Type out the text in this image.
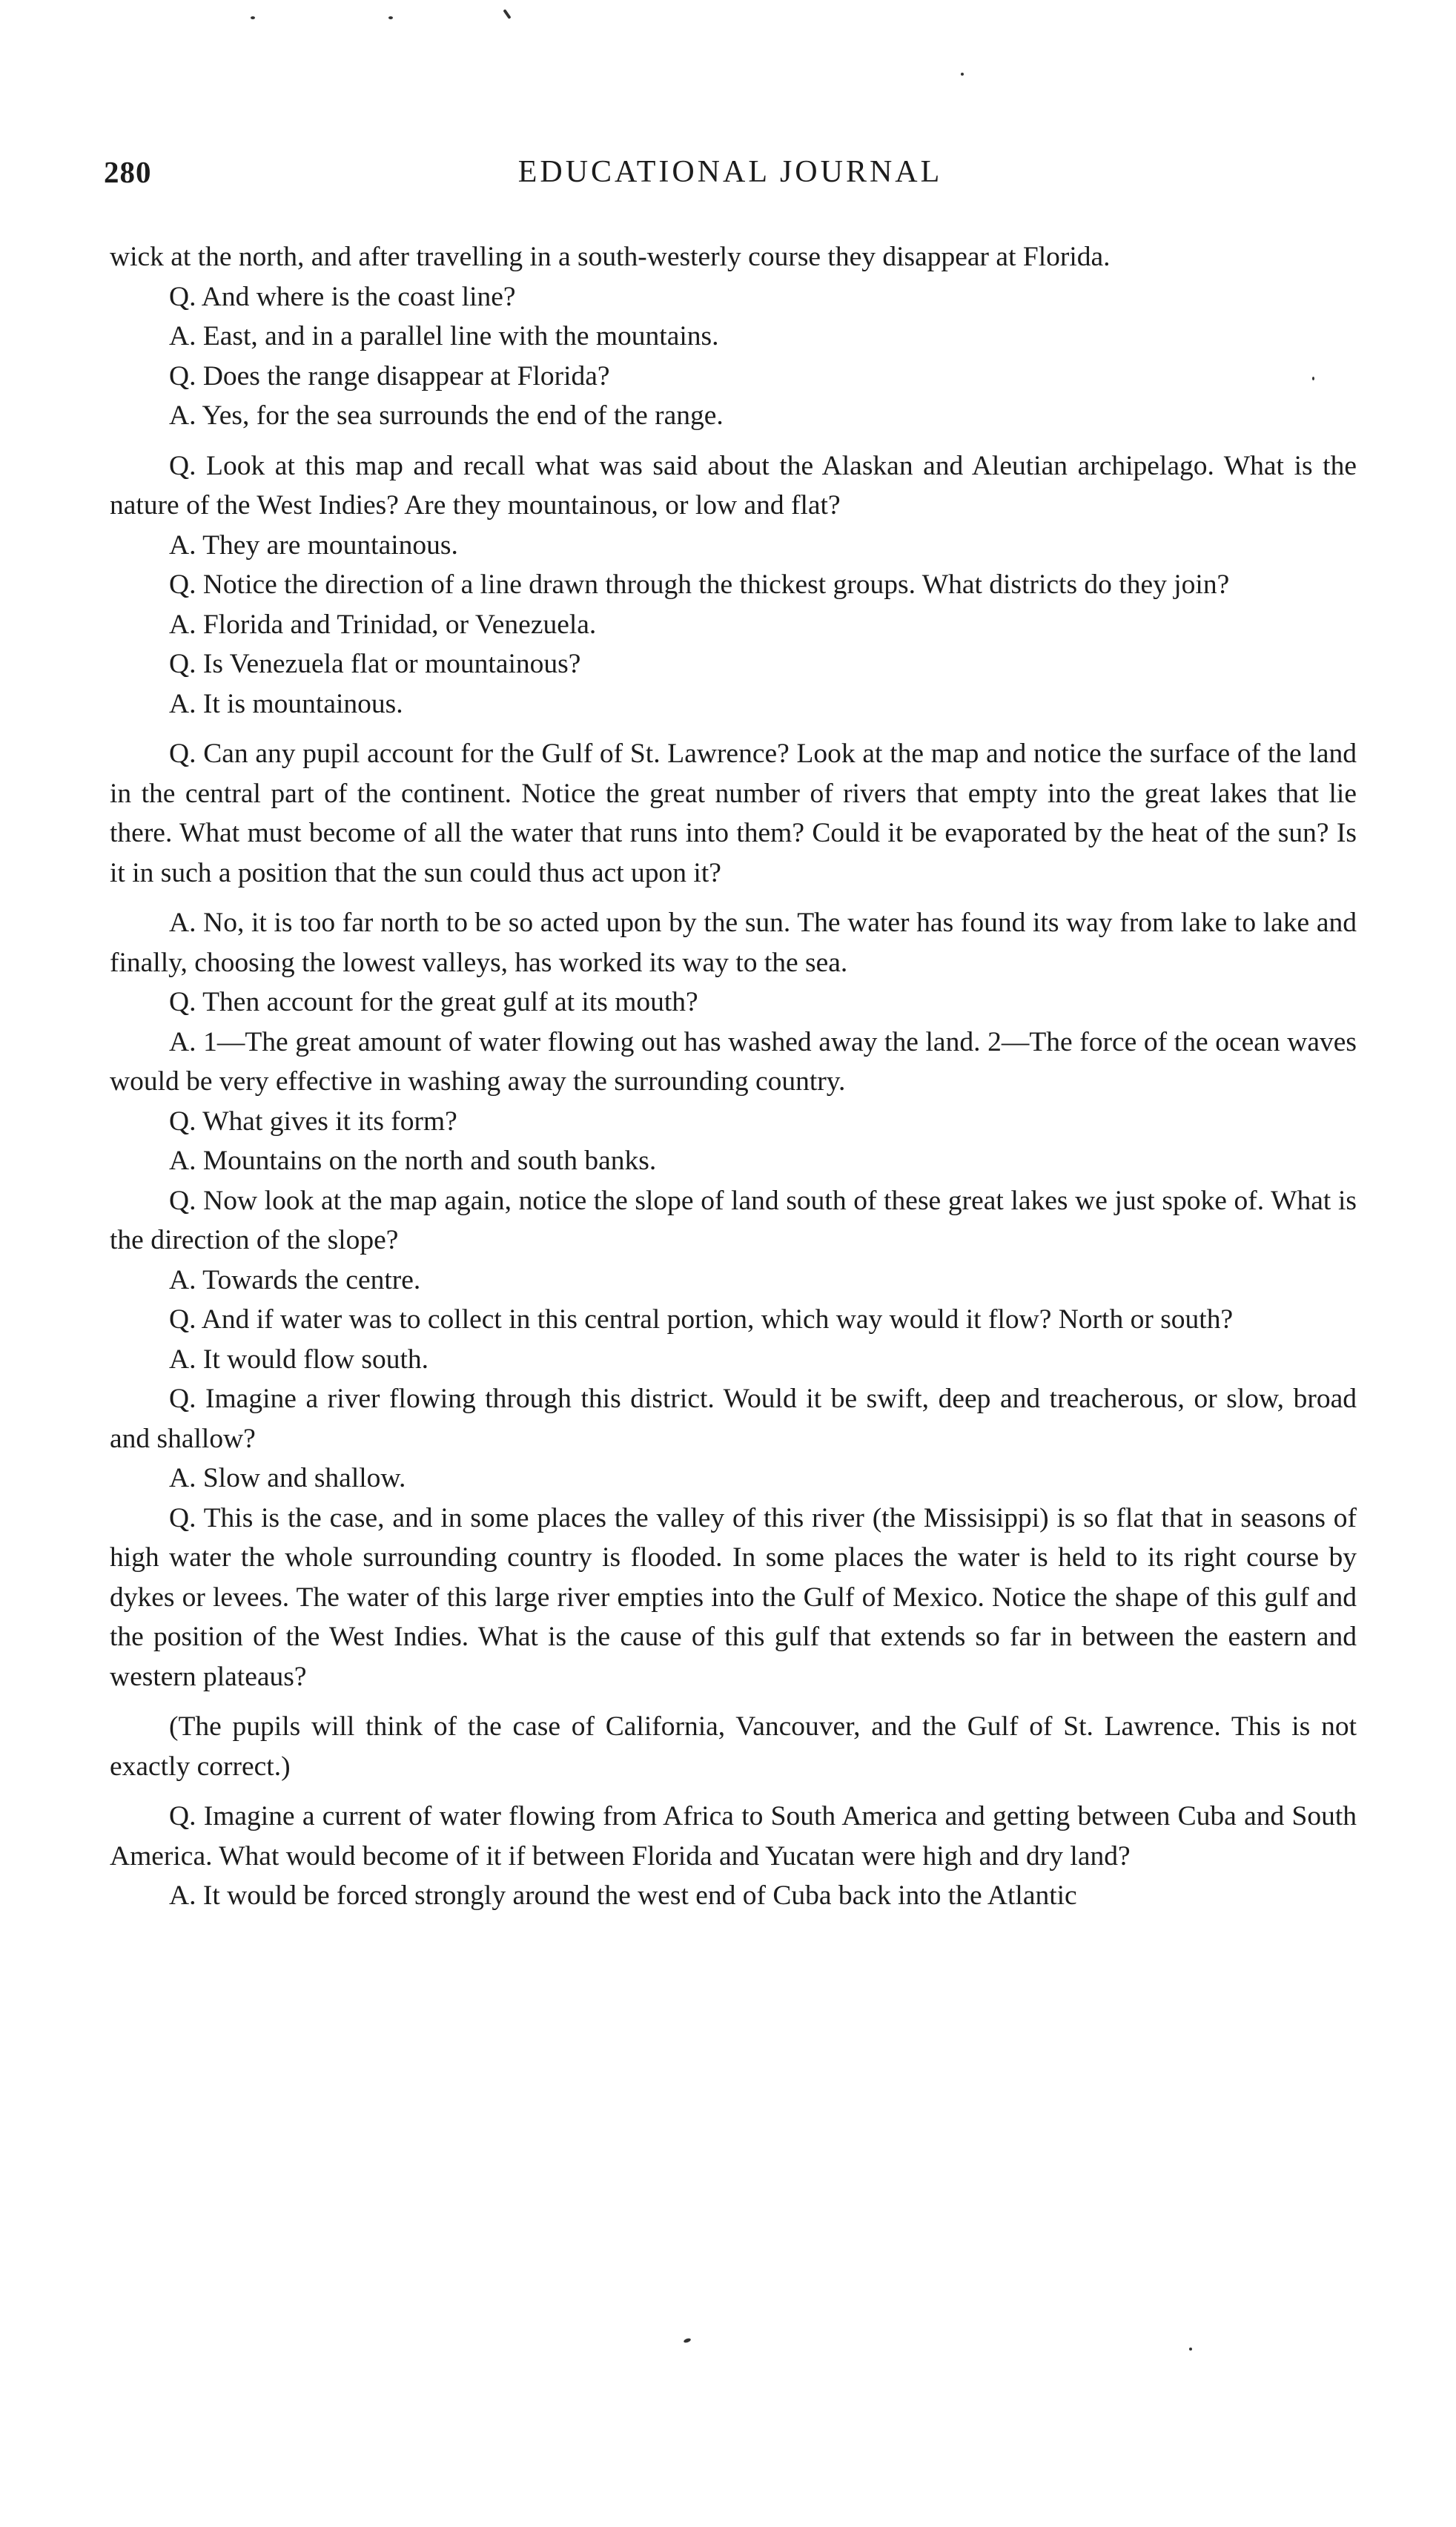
280	EDUCATIONAL JOURNAL

wick at the north, and after travelling in a south-westerly course they disappear at Florida.

Q. And where is the coast line?

A. East, and in a parallel line with the mountains.

Q. Does the range disappear at Florida?

A. Yes, for the sea surrounds the end of the range.

Q. Look at this map and recall what was said about the Alaskan and Aleutian archipelago. What is the nature of the West Indies? Are they mountainous, or low and flat?

A. They are mountainous.

Q. Notice the direction of a line drawn through the thickest groups. What districts do they join?

A. Florida and Trinidad, or Venezuela.

Q. Is Venezuela flat or mountainous?

A. It is mountainous.

Q. Can any pupil account for the Gulf of St. Lawrence? Look at the map and notice the surface of the land in the central part of the continent. Notice the great number of rivers that empty into the great lakes that lie there. What must become of all the water that runs into them? Could it be evaporated by the heat of the sun? Is it in such a position that the sun could thus act upon it?

A. No, it is too far north to be so acted upon by the sun. The water has found its way from lake to lake and finally, choosing the lowest valleys, has worked its way to the sea.

Q. Then account for the great gulf at its mouth?

A. 1—The great amount of water flowing out has washed away the land. 2—The force of the ocean waves would be very effective in washing away the surrounding country.

Q. What gives it its form?

A. Mountains on the north and south banks.

Q. Now look at the map again, notice the slope of land south of these great lakes we just spoke of. What is the direction of the slope?

A. Towards the centre.

Q. And if water was to collect in this central portion, which way would it flow? North or south?

A. It would flow south.

Q. Imagine a river flowing through this district. Would it be swift, deep and treacherous, or slow, broad and shallow?

A. Slow and shallow.

Q. This is the case, and in some places the valley of this river (the Missisippi) is so flat that in seasons of high water the whole surrounding country is flooded. In some places the water is held to its right course by dykes or levees. The water of this large river empties into the Gulf of Mexico. Notice the shape of this gulf and the position of the West Indies. What is the cause of this gulf that extends so far in between the eastern and western plateaus?

(The pupils will think of the case of California, Vancouver, and the Gulf of St. Lawrence. This is not exactly correct.)

Q. Imagine a current of water flowing from Africa to South America and getting between Cuba and South America. What would become of it if between Florida and Yucatan were high and dry land?

A. It would be forced strongly around the west end of Cuba back into the Atlantic
